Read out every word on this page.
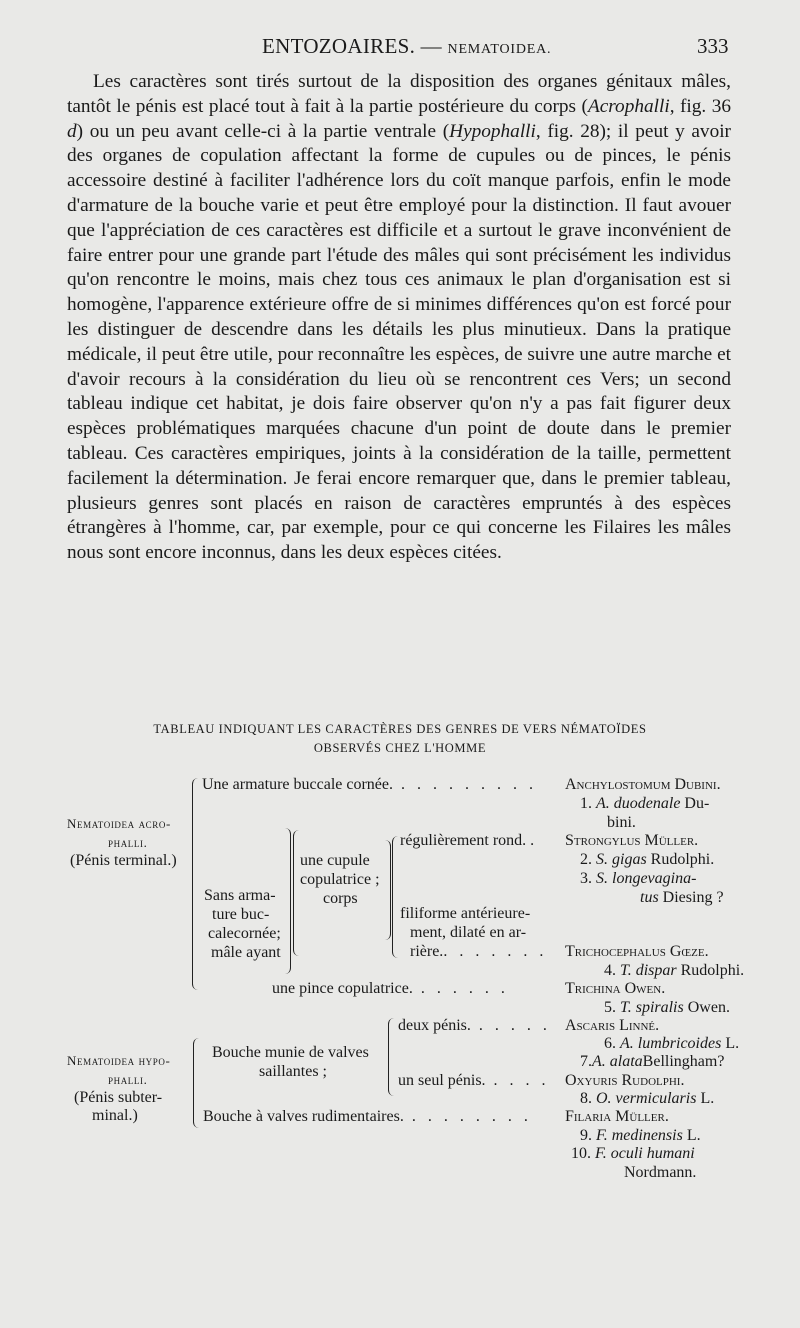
ENTOZOAIRES. — NEMATOIDEA.	333
Les caractères sont tirés surtout de la disposition des organes génitaux mâles, tantôt le pénis est placé tout à fait à la partie postérieure du corps (Acrophalli, fig. 36 d) ou un peu avant celle-ci à la partie ventrale (Hypophalli, fig. 28); il peut y avoir des organes de copulation affectant la forme de cupules ou de pinces, le pénis accessoire destiné à faciliter l'adhérence lors du coït manque parfois, enfin le mode d'armature de la bouche varie et peut être employé pour la distinction. Il faut avouer que l'appréciation de ces caractères est difficile et a surtout le grave inconvénient de faire entrer pour une grande part l'étude des mâles qui sont précisément les individus qu'on rencontre le moins, mais chez tous ces animaux le plan d'organisation est si homogène, l'apparence extérieure offre de si minimes différences qu'on est forcé pour les distinguer de descendre dans les détails les plus minutieux. Dans la pratique médicale, il peut être utile, pour reconnaître les espèces, de suivre une autre marche et d'avoir recours à la considération du lieu où se rencontrent ces Vers; un second tableau indique cet habitat, je dois faire observer qu'on n'y a pas fait figurer deux espèces problématiques marquées chacune d'un point de doute dans le premier tableau. Ces caractères empiriques, joints à la considération de la taille, permettent facilement la détermination. Je ferai encore remarquer que, dans le premier tableau, plusieurs genres sont placés en raison de caractères empruntés à des espèces étrangères à l'homme, car, par exemple, pour ce qui concerne les Filaires les mâles nous sont encore inconnus, dans les deux espèces citées.
TABLEAU INDIQUANT LES CARACTÈRES DES GENRES DE VERS NÉMATOÏDES
OBSERVÉS CHEZ L'HOMME
Nematoidea acro-
phalli.
(Pénis terminal.)
Une armature buccale cornée. . . . . . . . . .
Sans arma-
ture buc-
calecornée;
mâle ayant
une cupule
copulatrice ;
corps
régulièrement rond. .
filiforme antérieure-
ment, dilaté en ar-
rière.. . . . . . .
une pince copulatrice. . . . . . .
Anchylostomum Dubini.
1. A. duodenale Du-
bini.
Strongylus Müller.
2. S. gigas Rudolphi.
3. S. longevagina-
tus Diesing ?
Trichocephalus Gœze.
4. T. dispar Rudolphi.
Trichina Owen.
5. T. spiralis Owen.
Nematoidea hypo-
phalli.
(Pénis subter-
minal.)
Bouche munie de valves
saillantes ;
deux pénis. . . . . .
un seul pénis. . . . .
Bouche à valves rudimentaires. . . . . . . . .
Ascaris Linné.
6. A. lumbricoides L.
7.A. alataBellingham?
Oxyuris Rudolphi.
8. O. vermicularis L.
Filaria Müller.
9. F. medinensis L.
10. F. oculi humani
Nordmann.
